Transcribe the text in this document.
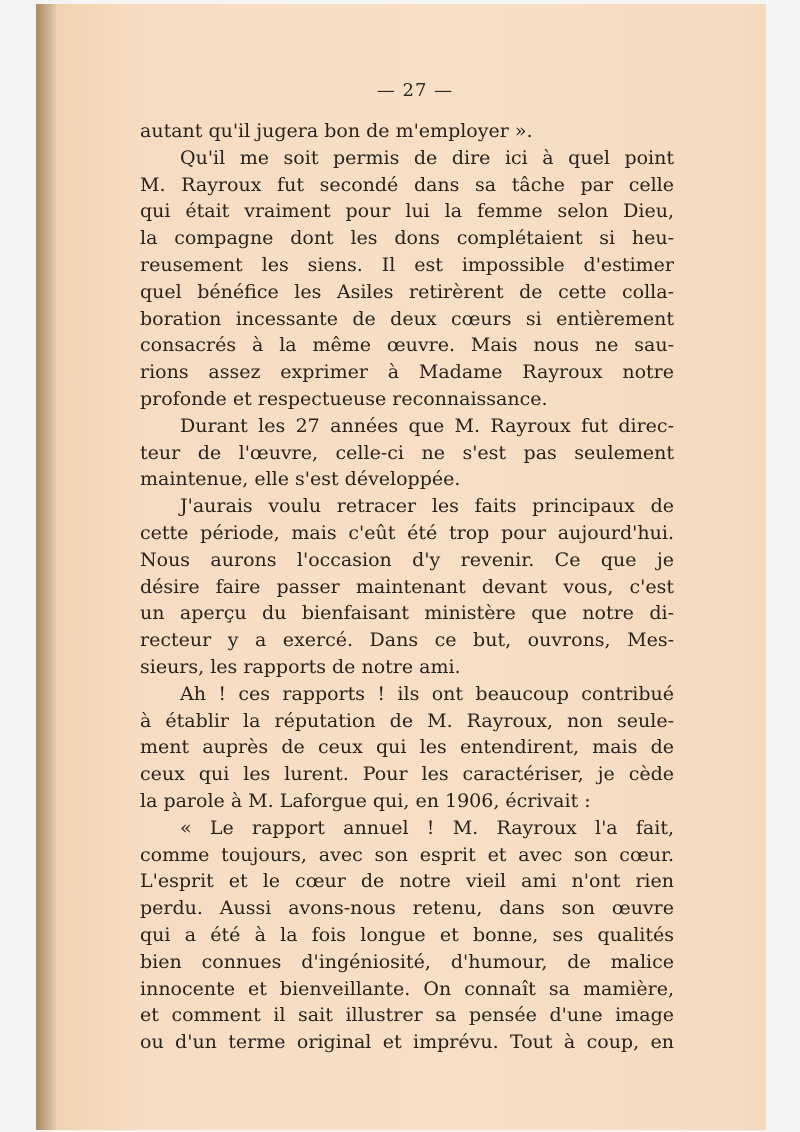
— 27 —
autant qu'il jugera bon de m'employer ».
Qu'il me soit permis de dire ici à quel point
M. Rayroux fut secondé dans sa tâche par celle
qui était vraiment pour lui la femme selon Dieu,
la compagne dont les dons complétaient si heu-
reusement les siens. Il est impossible d'estimer
quel bénéfice les Asiles retirèrent de cette colla-
boration incessante de deux cœurs si entièrement
consacrés à la même œuvre. Mais nous ne sau-
rions assez exprimer à Madame Rayroux notre
profonde et respectueuse reconnaissance.
Durant les 27 années que M. Rayroux fut direc-
teur de l'œuvre, celle-ci ne s'est pas seulement
maintenue, elle s'est développée.
J'aurais voulu retracer les faits principaux de
cette période, mais c'eût été trop pour aujourd'hui.
Nous aurons l'occasion d'y revenir. Ce que je
désire faire passer maintenant devant vous, c'est
un aperçu du bienfaisant ministère que notre di-
recteur y a exercé. Dans ce but, ouvrons, Mes-
sieurs, les rapports de notre ami.
Ah ! ces rapports ! ils ont beaucoup contribué
à établir la réputation de M. Rayroux, non seule-
ment auprès de ceux qui les entendirent, mais de
ceux qui les lurent. Pour les caractériser, je cède
la parole à M. Laforgue qui, en 1906, écrivait :
« Le rapport annuel ! M. Rayroux l'a fait,
comme toujours, avec son esprit et avec son cœur.
L'esprit et le cœur de notre vieil ami n'ont rien
perdu. Aussi avons-nous retenu, dans son œuvre
qui a été à la fois longue et bonne, ses qualités
bien connues d'ingéniosité, d'humour, de malice
innocente et bienveillante. On connaît sa mamière,
et comment il sait illustrer sa pensée d'une image
ou d'un terme original et imprévu. Tout à coup, en
